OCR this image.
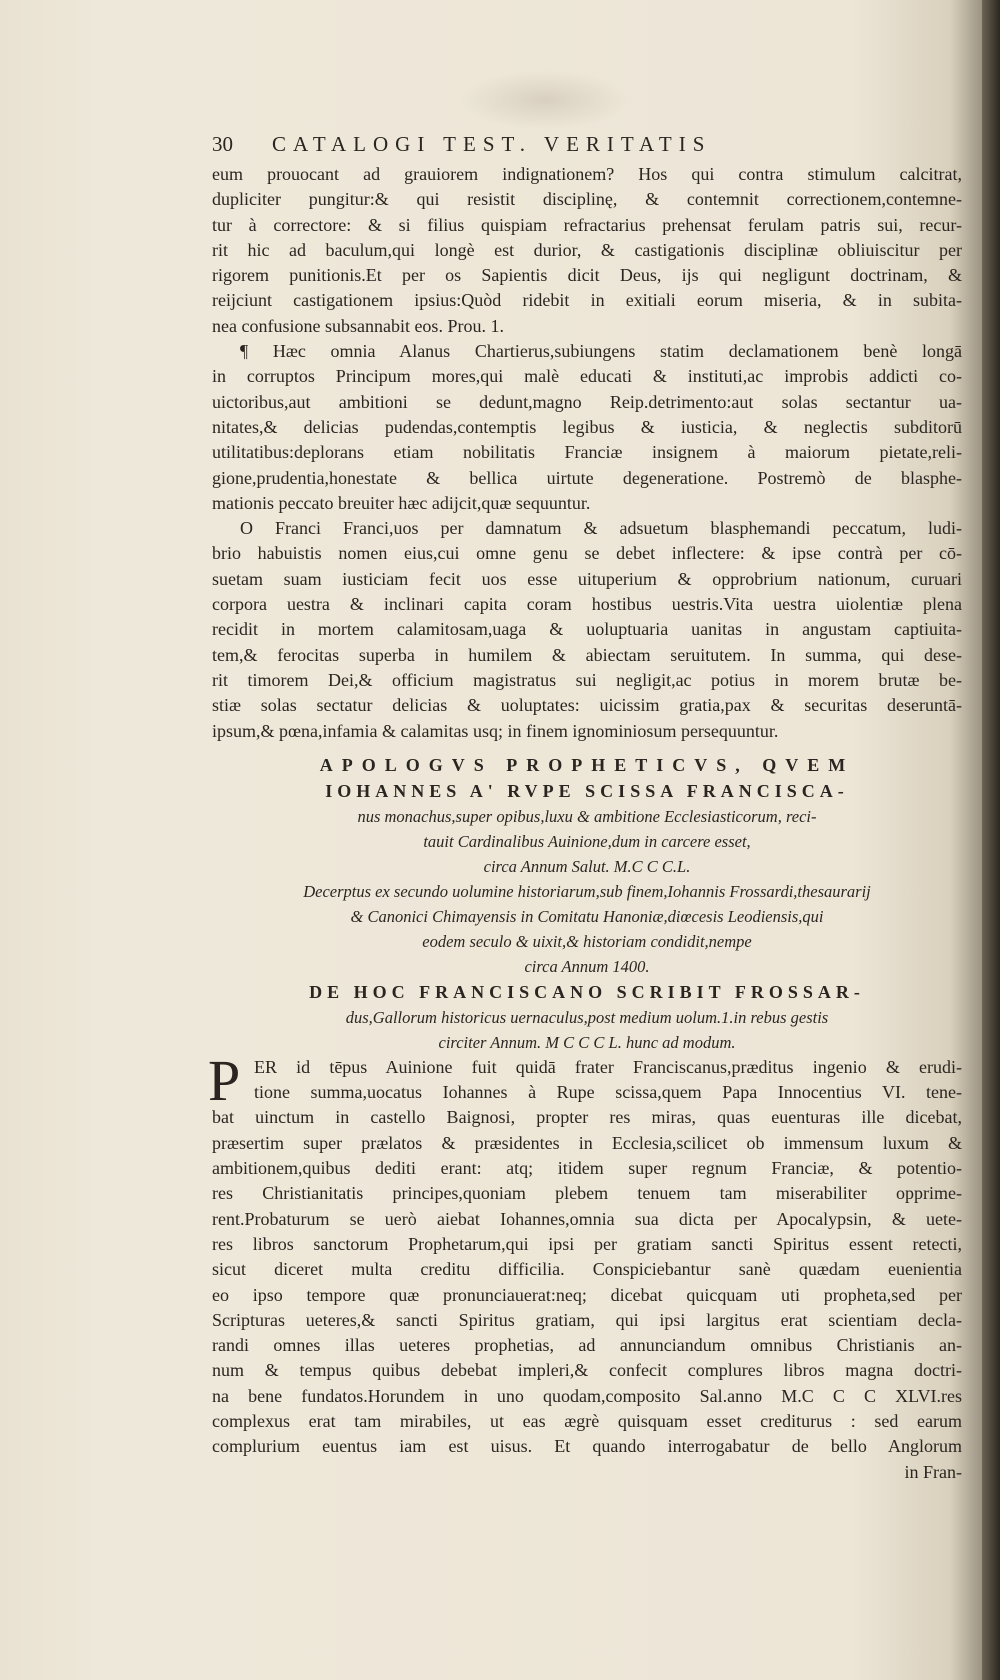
30 CATALOGI TEST. VERITATIS
eum prouocant ad grauiorem indignationem? Hos qui contra stimulum calcitrat,
dupliciter pungitur:& qui resistit disciplinę, & contemnit correctionem,contemne-
tur à correctore: & si filius quispiam refractarius prehensat ferulam patris sui, recur-
rit hic ad baculum,qui longè est durior, & castigationis disciplinæ obliuiscitur per
rigorem punitionis.Et per os Sapientis dicit Deus, ijs qui negligunt doctrinam, &
reijciunt castigationem ipsius:Quòd ridebit in exitiali eorum miseria, & in subita-
nea confusione subsannabit eos. Prou. 1.
¶ Hæc omnia Alanus Chartierus,subiungens statim declamationem benè longā
in corruptos Principum mores,qui malè educati & instituti,ac improbis addicti co-
uictoribus,aut ambitioni se dedunt,magno Reip.detrimento:aut solas sectantur ua-
nitates,& delicias pudendas,contemptis legibus & iusticia, & neglectis subditorū
utilitatibus:deplorans etiam nobilitatis Franciæ insignem à maiorum pietate,reli-
gione,prudentia,honestate & bellica uirtute degeneratione. Postremò de blasphe-
mationis peccato breuiter hæc adijcit,quæ sequuntur.
O Franci Franci,uos per damnatum & adsuetum blasphemandi peccatum, ludi-
brio habuistis nomen eius,cui omne genu se debet inflectere: & ipse contrà per cō-
suetam suam iusticiam fecit uos esse uituperium & opprobrium nationum, curuari
corpora uestra & inclinari capita coram hostibus uestris.Vita uestra uiolentiæ plena
recidit in mortem calamitosam,uaga & uoluptuaria uanitas in angustam captiuita-
tem,& ferocitas superba in humilem & abiectam seruitutem. In summa, qui dese-
rit timorem Dei,& officium magistratus sui negligit,ac potius in morem brutæ be-
stiæ solas sectatur delicias & uoluptates: uicissim gratia,pax & securitas deseruntā-
ipsum,& pœna,infamia & calamitas usq; in finem ignominiosum persequuntur.
APOLOGVS PROPHETICVS, QVEM
IOHANNES A' RVPE SCISSA FRANCISCA-
nus monachus,super opibus,luxu & ambitione Ecclesiasticorum, reci-
tauit Cardinalibus Auinione,dum in carcere esset,
circa Annum Salut. M.C C C.L.
Decerptus ex secundo uolumine historiarum,sub finem,Iohannis Frossardi,thesaurarij
& Canonici Chimayensis in Comitatu Hanoniæ,diœcesis Leodiensis,qui
eodem seculo & uixit,& historiam condidit,nempe
circa Annum 1400.
DE HOC FRANCISCANO SCRIBIT FROSSAR-
dus,Gallorum historicus uernaculus,post medium uolum.1.in rebus gestis
circiter Annum. M C C C L. hunc ad modum.
P ER id tēpus Auinione fuit quidā frater Franciscanus,præditus ingenio & erudi-
tione summa,uocatus Iohannes à Rupe scissa,quem Papa Innocentius VI. tene-
bat uinctum in castello Baignosi, propter res miras, quas euenturas ille dicebat,
præsertim super prælatos & præsidentes in Ecclesia,scilicet ob immensum luxum &
ambitionem,quibus dediti erant: atq; itidem super regnum Franciæ, & potentio-
res Christianitatis principes,quoniam plebem tenuem tam miserabiliter opprime-
rent.Probaturum se uerò aiebat Iohannes,omnia sua dicta per Apocalypsin, & uete-
res libros sanctorum Prophetarum,qui ipsi per gratiam sancti Spiritus essent retecti,
sicut diceret multa creditu difficilia. Conspiciebantur sanè quædam euenientia
eo ipso tempore quæ pronunciauerat:neq; dicebat quicquam uti propheta,sed per
Scripturas ueteres,& sancti Spiritus gratiam, qui ipsi largitus erat scientiam decla-
randi omnes illas ueteres prophetias, ad annunciandum omnibus Christianis an-
num & tempus quibus debebat impleri,& confecit complures libros magna doctri-
na bene fundatos.Horundem in uno quodam,composito Sal.anno M.C C C XLVI.res
complexus erat tam mirabiles, ut eas ægrè quisquam esset crediturus : sed earum
complurium euentus iam est uisus. Et quando interrogabatur de bello Anglorum
in Fran-
